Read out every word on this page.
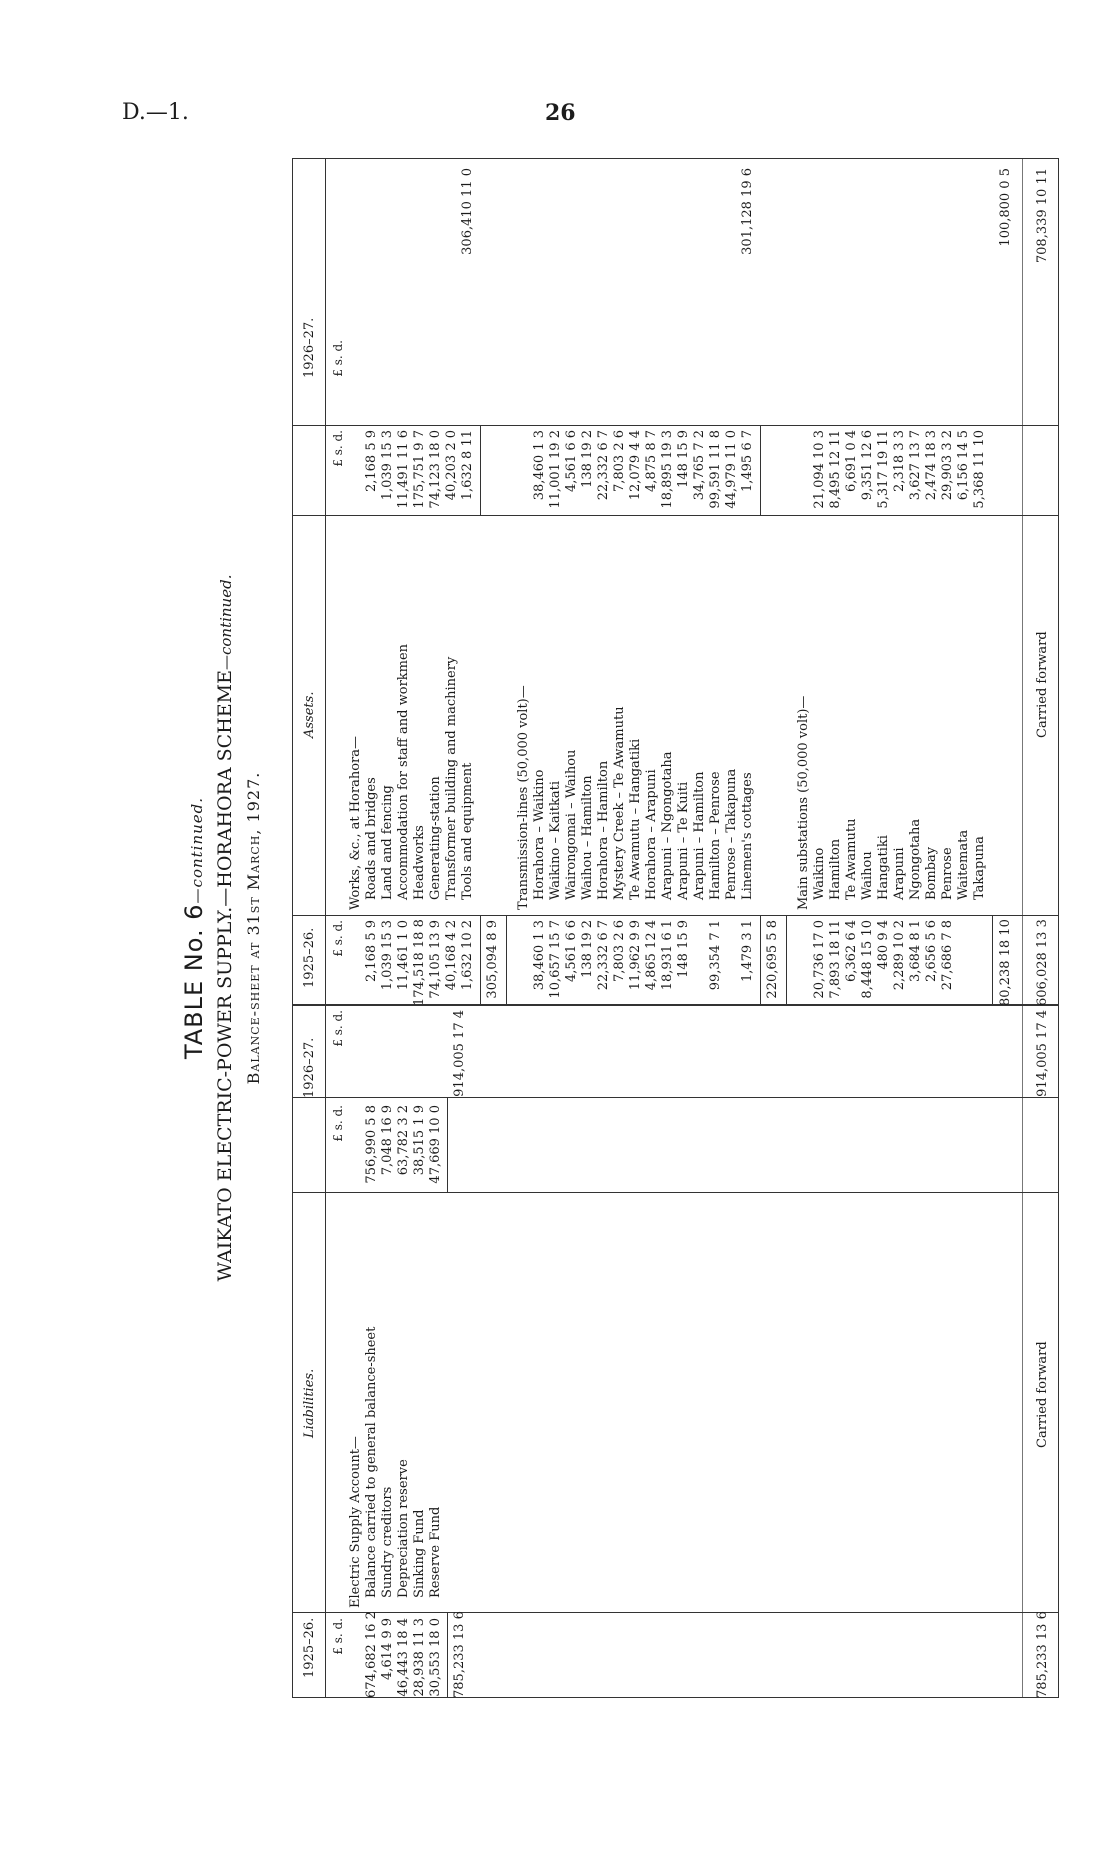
D.—1.	26
TABLE No. 6—continued. WAIKATO ELECTRIC-POWER SUPPLY.—HORAHORA SCHEME—continued.
Balance-sheet at 31st March, 1927.
1925–26.
Liabilities.
1926–27.
1925–26.
Assets.
1926–27.
£ s. d.
£ s. d.
£ s. d.
£ s. d.
£ s. d.
£ s. d.
Electric Supply Account—
674,682 16 2
Balance carried to general balance-sheet
756,990 5 8
4,614 9 9
Sundry creditors
7,048 16 9
46,443 18 4
Depreciation reserve
63,782 3 2
28,938 11 3
Sinking Fund
38,515 1 9
30,553 18 0
Reserve Fund
47,669 10 0
785,233 13 6
914,005 17 4
785,233 13 6
Carried forward
914,005 17 4
Works, &c., at Horahora—
2,168 5 9
Roads and bridges
2,168 5 9
1,039 15 3
Land and fencing
1,039 15 3
11,461 1 0
Accommodation for staff and workmen
11,491 11 6
174,518 18 8
Headworks
175,751 9 7
74,105 13 9
Generating-station
74,123 18 0
40,168 4 2
Transformer building and machinery
40,203 2 0
1,632 10 2
Tools and equipment
1,632 8 11
306,410 11 0
305,094 8 9
Transmission-lines (50,000 volt)—
38,460 1 3
Horahora – Waikino
38,460 1 3
10,657 15 7
Waikino – Kaitkati
11,001 19 2
4,561 6 6
Wairongomai – Waihou
4,561 6 6
138 19 2
Waihou – Hamilton
138 19 2
22,332 6 7
Horahora – Hamilton
22,332 6 7
7,803 2 6
Mystery Creek – Te Awamutu
7,803 2 6
11,962 9 9
Te Awamutu – Hangatiki
12,079 4 4
4,865 12 4
Horahora – Arapuni
4,875 8 7
18,931 6 1
Arapuni – Ngongotaha
18,895 19 3
148 15 9
Arapuni – Te Kuiti
148 15 9
Arapuni – Hamilton
34,765 7 2
99,354 7 1
Hamilton – Penrose
99,591 11 8
Penrose – Takapuna
44,979 11 0
1,479 3 1
Linemen's cottages
1,495 6 7
301,128 19 6
220,695 5 8
Main substations (50,000 volt)—
20,736 17 0
Waikino
21,094 10 3
7,893 18 11
Hamilton
8,495 12 11
6,362 6 4
Te Awamutu
6,691 0 4
8,448 15 10
Waihou
9,351 12 6
480 9 4
Hangatiki
5,317 19 11
2,289 10 2
Arapuni
2,318 3 3
3,684 8 1
Ngongotaha
3,627 13 7
2,656 5 6
Bombay
2,474 18 3
27,686 7 8
Penrose
29,903 3 2
Waitemata
6,156 14 5
Takapuna
5,368 11 10
80,238 18 10
100,800 0 5
606,028 13 3
Carried forward
708,339 10 11
